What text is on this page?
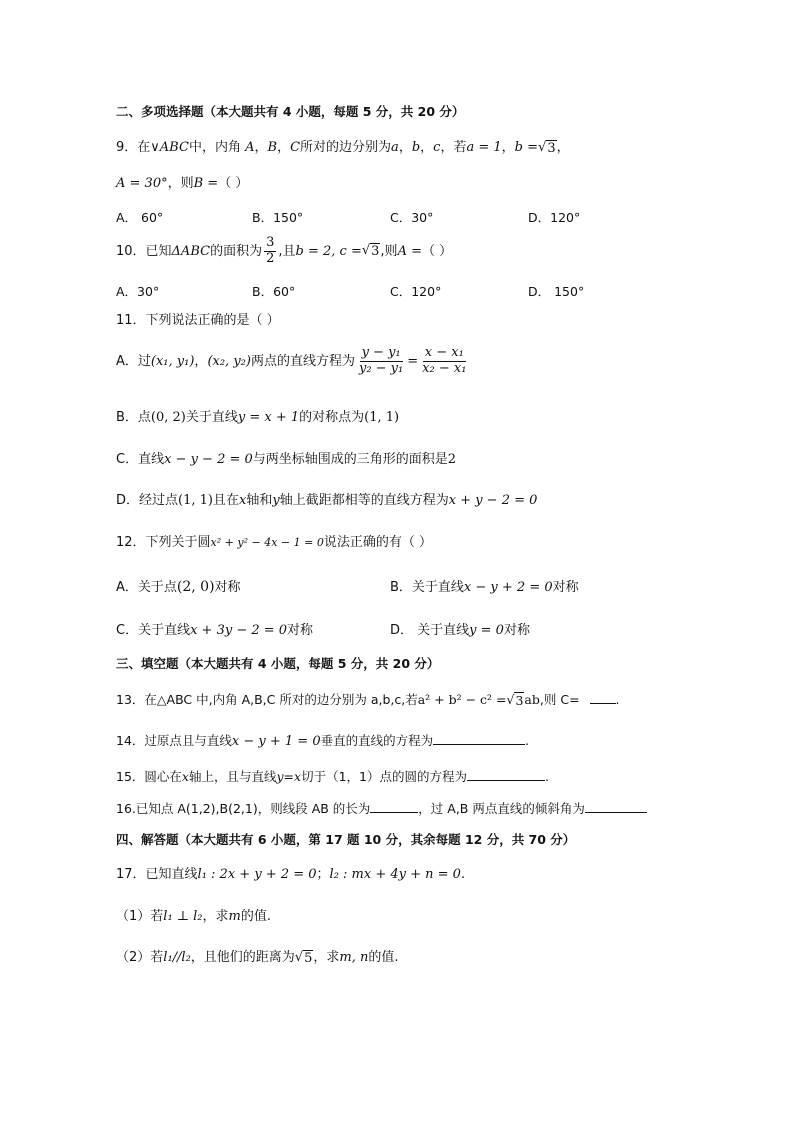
二、多项选择题（本大题共有 4 小题，每题 5 分，共 20 分）
9．在∨ABC中，内角 A，B，C所对的边分别为a，b，c，若a = 1，b = √ 3 ，
A = 30°，则B =（ ）
A． 60°	B．150°	C．30°	D．120°
10．已知 ΔABC 的面积为 $\frac{3}{2}$ ,且 b = 2, c = √ 3 ,则 A = （ ）
A．30°	B．60°	C．120°	D． 150°
11．下列说法正确的是（ ）
A．过 (x₁, y₁) ， (x₂, y₂) 两点的直线方程为 $\frac{\text{y − y₁}}{\text{y₂ − y₁}} = \frac{\text{x − x₁}}{\text{x₂ − x₁}}$
B．点(0, 2)关于直线y = x + 1的对称点为(1, 1)
C．直线x − y − 2 = 0与两坐标轴围成的三角形的面积是2
D．经过点(1, 1)且在x轴和y轴上截距都相等的直线方程为x + y − 2 = 0
12．下列关于圆x² + y² − 4x − 1 = 0说法正确的有（ ）
A．关于点(2, 0)对称	B．关于直线x − y + 2 = 0对称
C．关于直线x + 3y − 2 = 0对称	D． 关于直线y = 0对称
三、填空题（本大题共有 4 小题，每题 5 分，共 20 分）
13．在△ABC 中,内角 A,B,C 所对的边分别为 a,b,c,若a² + b² − c² = √ 3 ab,则 C=	.
14．过原点且与直线x − y + 1 = 0垂直的直线的方程为	.
15．圆心在x轴上，且与直线y=x切于（1，1）点的圆的方程为	.
16.已知点 A(1,2),B(2,1)，则线段 AB 的长为	，过 A,B 两点直线的倾斜角为
四、解答题（本大题共有 6 小题，第 17 题 10 分，其余每题 12 分，共 70 分）
17．已知直线l₁ : 2x + y + 2 = 0；l₂ : mx + 4y + n = 0.
（1）若l₁ ⊥ l₂，求m的值.
（2）若l₁//l₂，且他们的距离为 √ 5 ，求m, n的值.
